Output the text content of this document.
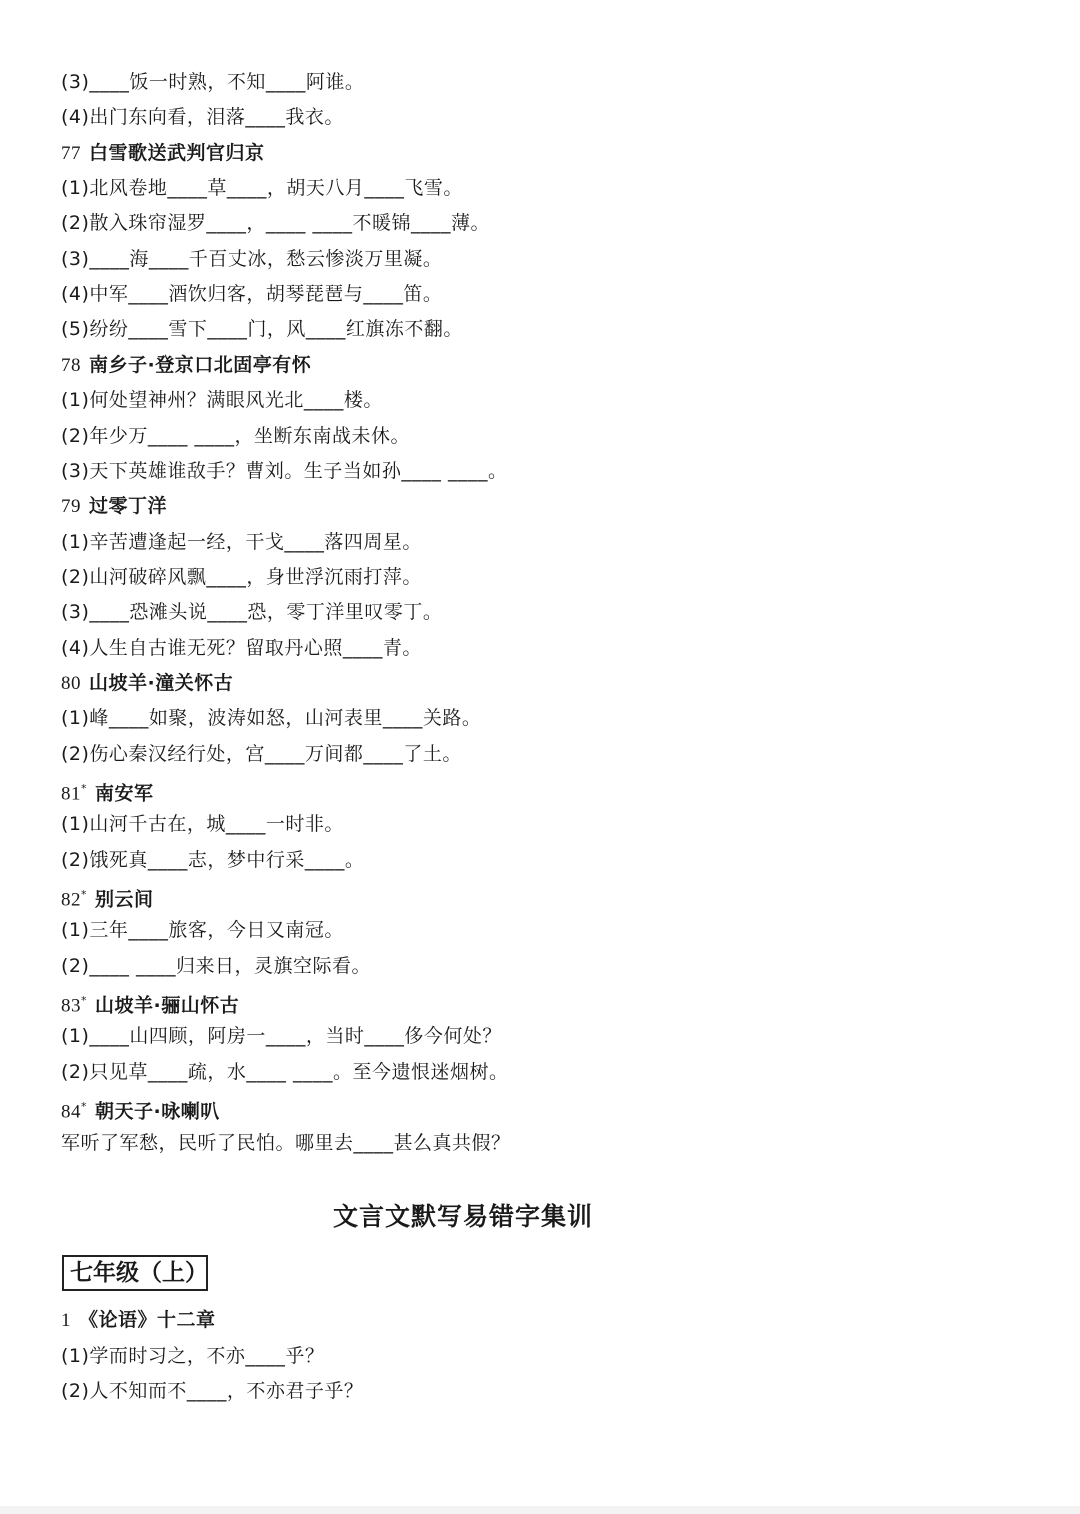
(3)____饭一时熟，不知____阿谁。
(4)出门东向看，泪落____我衣。
77 白雪歌送武判官归京
(1)北风卷地____草____，胡天八月____飞雪。
(2)散入珠帘湿罗____，____ ____不暖锦____薄。
(3)____海____千百丈冰，愁云惨淡万里凝。
(4)中军____酒饮归客，胡琴琵琶与____笛。
(5)纷纷____雪下____门，风____红旗冻不翻。
78 南乡子·登京口北固亭有怀
(1)何处望神州？满眼风光北____楼。
(2)年少万____ ____，坐断东南战未休。
(3)天下英雄谁敌手？曹刘。生子当如孙____ ____。
79 过零丁洋
(1)辛苦遭逢起一经，干戈____落四周星。
(2)山河破碎风飘____，身世浮沉雨打萍。
(3)____恐滩头说____恐，零丁洋里叹零丁。
(4)人生自古谁无死？留取丹心照____青。
80 山坡羊·潼关怀古
(1)峰____如聚，波涛如怒，山河表里____关路。
(2)伤心秦汉经行处，宫____万间都____了土。
81* 南安军
(1)山河千古在，城____一时非。
(2)饿死真____志，梦中行采____。
82* 别云间
(1)三年____旅客，今日又南冠。
(2)____ ____归来日，灵旗空际看。
83* 山坡羊·骊山怀古
(1)____山四顾，阿房一____，当时____侈今何处？
(2)只见草____疏，水____ ____。至今遗恨迷烟树。
84* 朝天子·咏喇叭
军听了军愁，民听了民怕。哪里去____甚么真共假？
文言文默写易错字集训
七年级（上）
1 《论语》十二章
(1)学而时习之，不亦____乎？
(2)人不知而不____，不亦君子乎？
